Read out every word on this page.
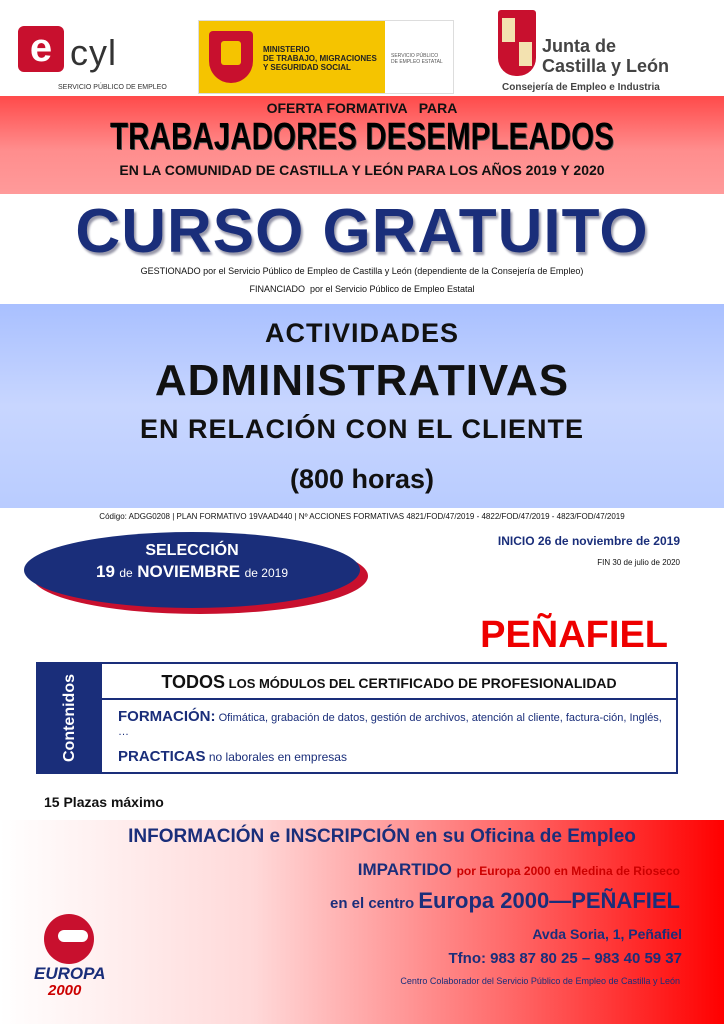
e cyl
SERVICIO PÚBLICO DE EMPLEO
MINISTERIO
DE TRABAJO, MIGRACIONES
Y SEGURIDAD SOCIAL
SERVICIO PÚBLICO
DE EMPLEO ESTATAL
Junta de
Castilla y León
Consejería de Empleo e Industria
OFERTA FORMATIVA   PARA
TRABAJADORES DESEMPLEADOS
EN LA COMUNIDAD DE CASTILLA Y LEÓN PARA LOS AÑOS 2019 Y 2020
CURSO GRATUITO
GESTIONADO por el Servicio Público de Empleo de Castilla y León (dependiente de la Consejería de Empleo)
FINANCIADO  por el Servicio Público de Empleo Estatal
ACTIVIDADES
ADMINISTRATIVAS
EN RELACIÓN CON EL CLIENTE
(800 horas)
Código: ADGG0208 | PLAN FORMATIVO 19VAAD440 | Nº ACCIONES FORMATIVAS 4821/FOD/47/2019 - 4822/FOD/47/2019 - 4823/FOD/47/2019
SELECCIÓN
19 de NOVIEMBRE de 2019
INICIO 26 de noviembre de 2019
FIN 30 de julio de 2020
PEÑAFIEL
Contenidos	TODOS LOS MÓDULOS DEL CERTIFICADO DE PROFESIONALIDAD
FORMACIÓN: Ofimática, grabación de datos, gestión de archivos, atención al cliente, factura-ción, Inglés, …
PRACTICAS no laborales en empresas
15 Plazas máximo
INFORMACIÓN e INSCRIPCIÓN en su Oficina de Empleo
IMPARTIDO por Europa 2000 en Medina de Rioseco
en el centro Europa 2000—PEÑAFIEL
Avda Soria, 1, Peñafiel
Tfno: 983 87 80 25 – 983 40 59 37
Centro Colaborador del Servicio Público de Empleo de Castilla y León
EUROPA
2000
